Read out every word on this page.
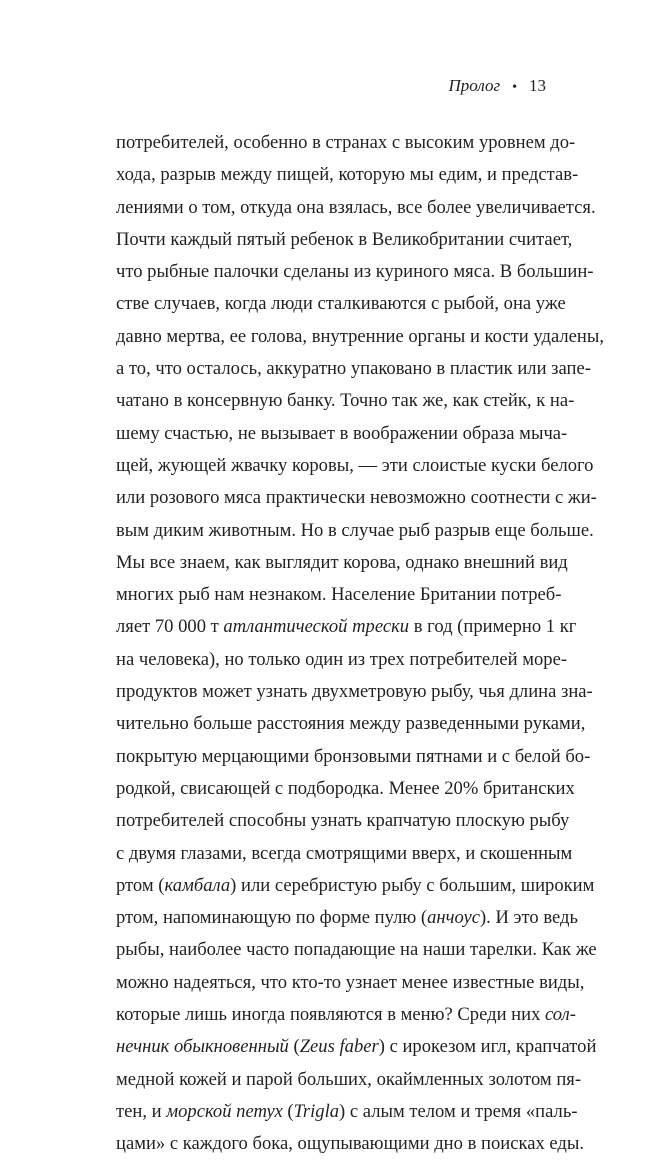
Пролог • 13
потребителей, особенно в странах с высоким уровнем до-
хода, разрыв между пищей, которую мы едим, и представ-
лениями о том, откуда она взялась, все более увеличивается.
Почти каждый пятый ребенок в Великобритании считает,
что рыбные палочки сделаны из куриного мяса. В большин-
стве случаев, когда люди сталкиваются с рыбой, она уже
давно мертва, ее голова, внутренние органы и кости удалены,
а то, что осталось, аккуратно упаковано в пластик или запе-
чатано в консервную банку. Точно так же, как стейк, к на-
шему счастью, не вызывает в воображении образа мыча-
щей, жующей жвачку коровы, — эти слоистые куски белого
или розового мяса практически невозможно соотнести с жи-
вым диким животным. Но в случае рыб разрыв еще больше.
Мы все знаем, как выглядит корова, однако внешний вид
многих рыб нам незнаком. Население Британии потреб-
ляет 70 000 т атлантической трески в год (примерно 1 кг
на человека), но только один из трех потребителей море-
продуктов может узнать двухметровую рыбу, чья длина зна-
чительно больше расстояния между разведенными руками,
покрытую мерцающими бронзовыми пятнами и с белой бо-
родкой, свисающей с подбородка. Менее 20% британских
потребителей способны узнать крапчатую плоскую рыбу
с двумя глазами, всегда смотрящими вверх, и скошенным
ртом (камбала) или серебристую рыбу с большим, широким
ртом, напоминающую по форме пулю (анчоус). И это ведь
рыбы, наиболее часто попадающие на наши тарелки. Как же
можно надеяться, что кто-то узнает менее известные виды,
которые лишь иногда появляются в меню? Среди них сол-
нечник обыкновенный (Zeus faber) с ирокезом игл, крапчатой
медной кожей и парой больших, окаймленных золотом пя-
тен, и морской петух (Trigla) с алым телом и тремя «паль-
цами» с каждого бока, ощупывающими дно в поисках еды.
